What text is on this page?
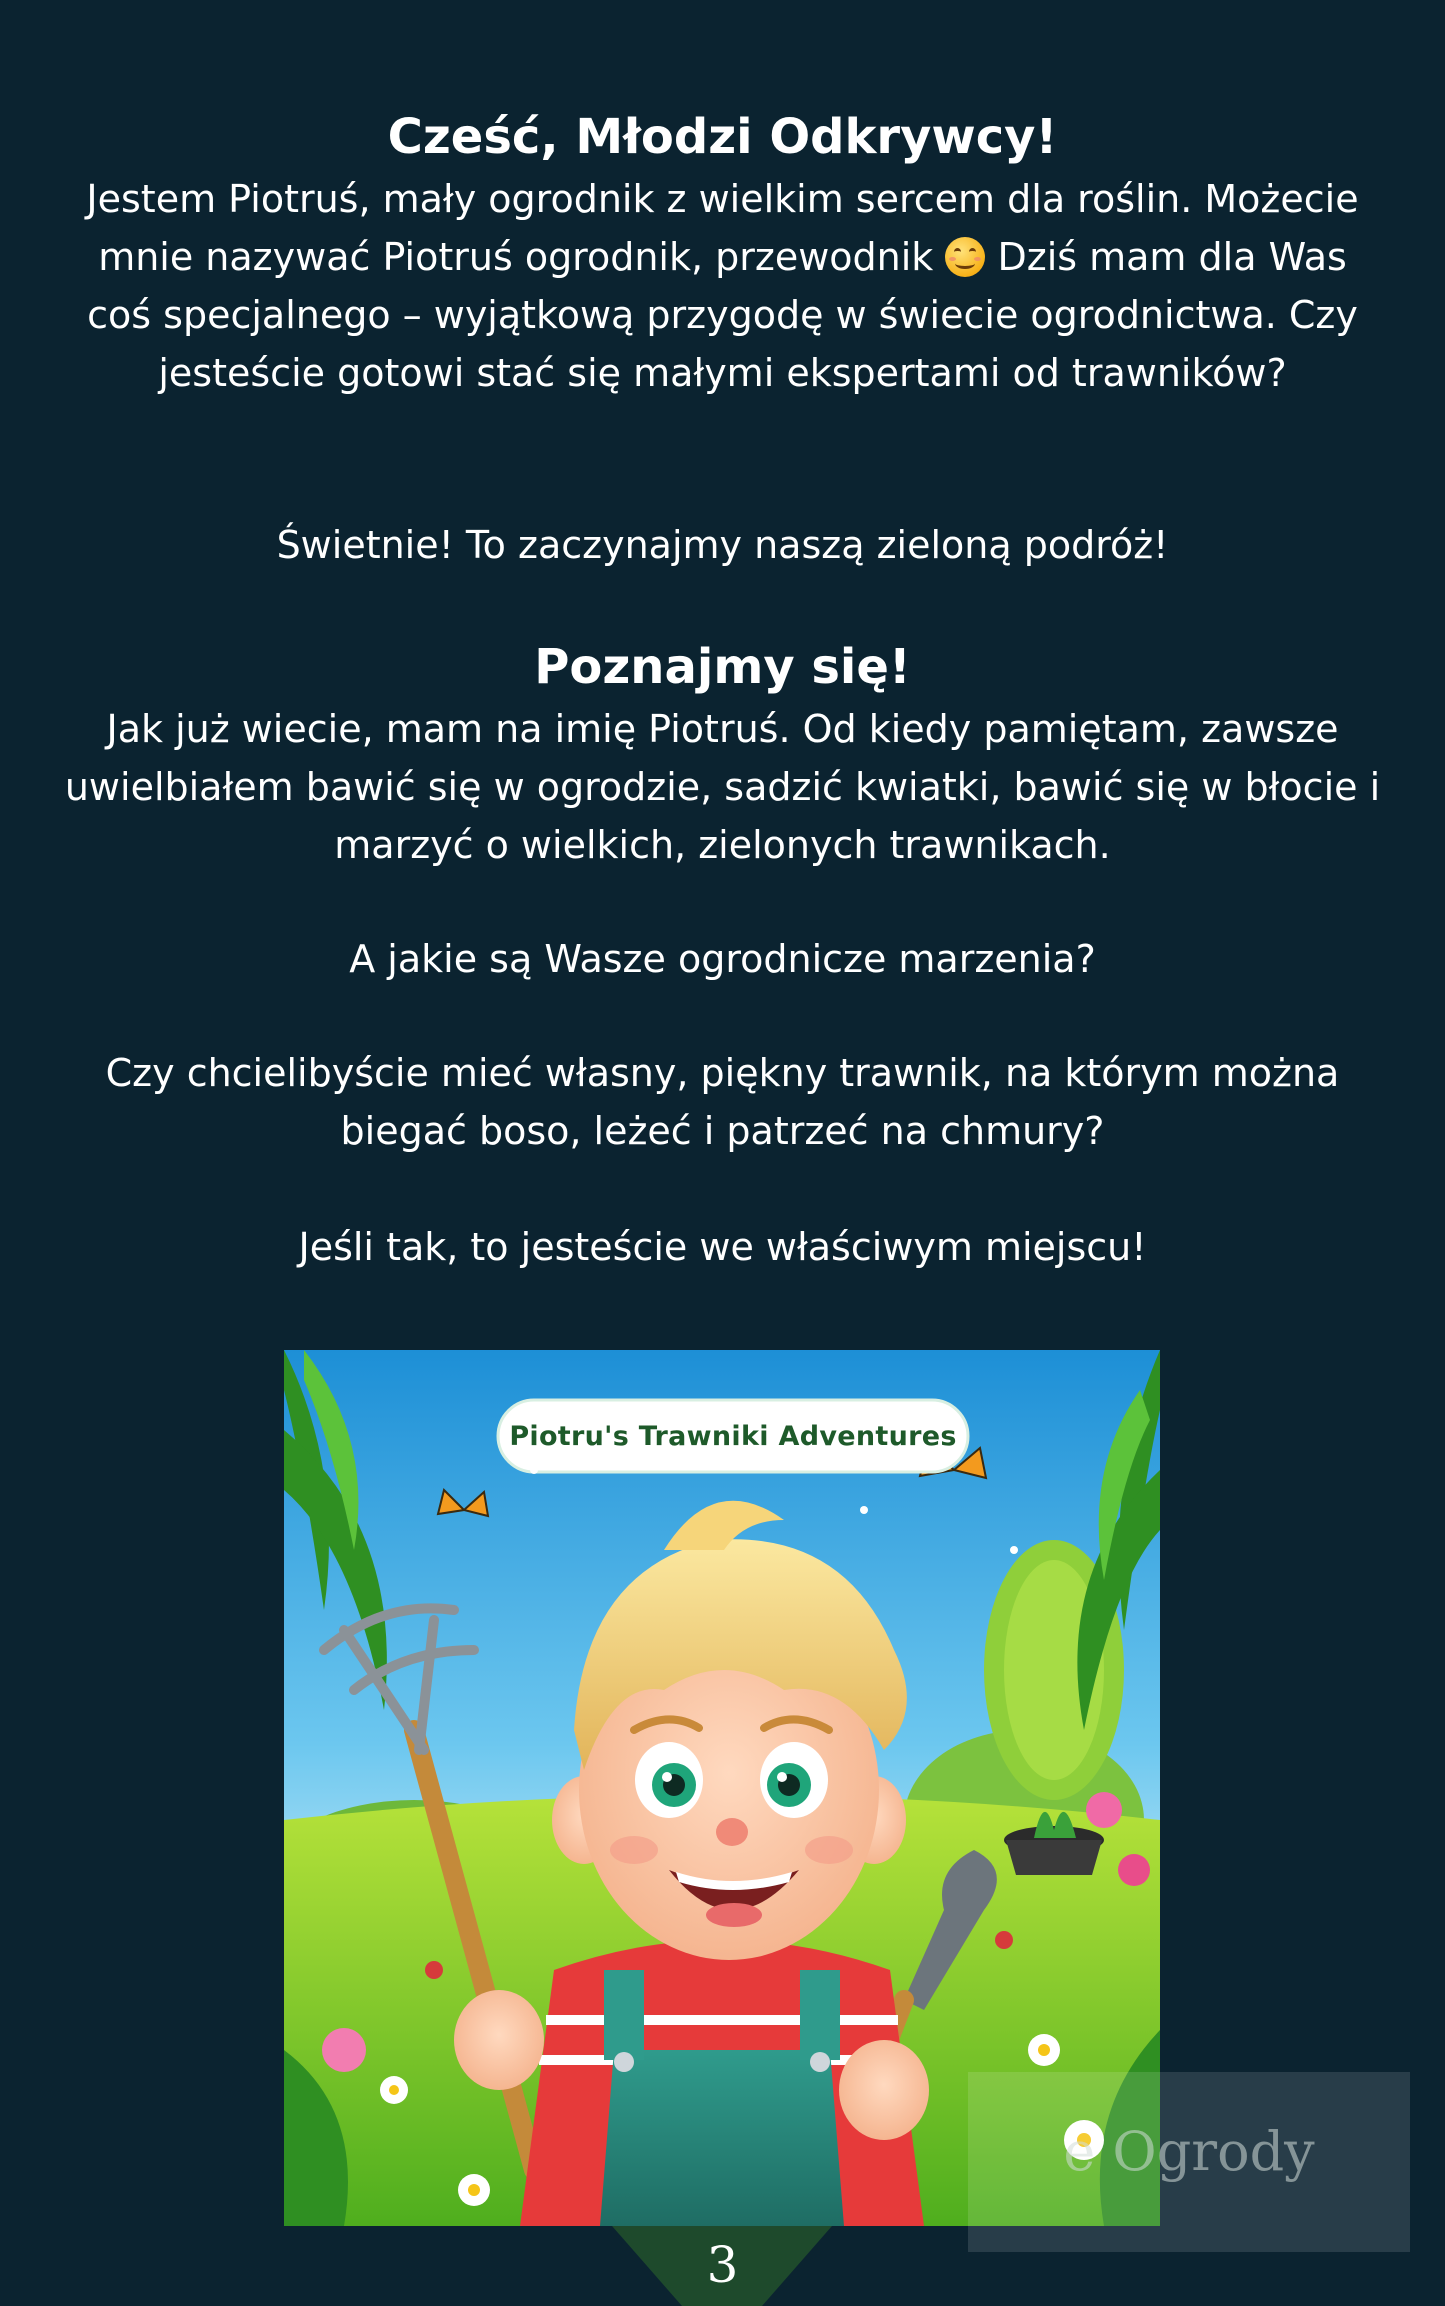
Cześć, Młodzi Odkrywcy!

Jestem Piotruś, mały ogrodnik z wielkim sercem dla roślin. Możecie mnie nazywać Piotruś ogrodnik, przewodnik
Dziś mam dla Was coś specjalnego – wyjątkową przygodę w świecie ogrodnictwa. Czy jesteście gotowi stać się małymi ekspertami od trawników?

Świetnie! To zaczynajmy naszą zieloną podróż!

Poznajmy się!

Jak już wiecie, mam na imię Piotruś. Od kiedy pamiętam, zawsze uwielbiałem bawić się w ogrodzie, sadzić kwiatki, bawić się w błocie i marzyć o wielkich, zielonych trawnikach.

A jakie są Wasze ogrodnicze marzenia?

Czy chcielibyście mieć własny, piękny trawnik, na którym można biegać boso, leżeć i patrzeć na chmury?

Jeśli tak, to jesteście we właściwym miejscu!

Piotru's Trawniki Adventures
e Ogrody
3
